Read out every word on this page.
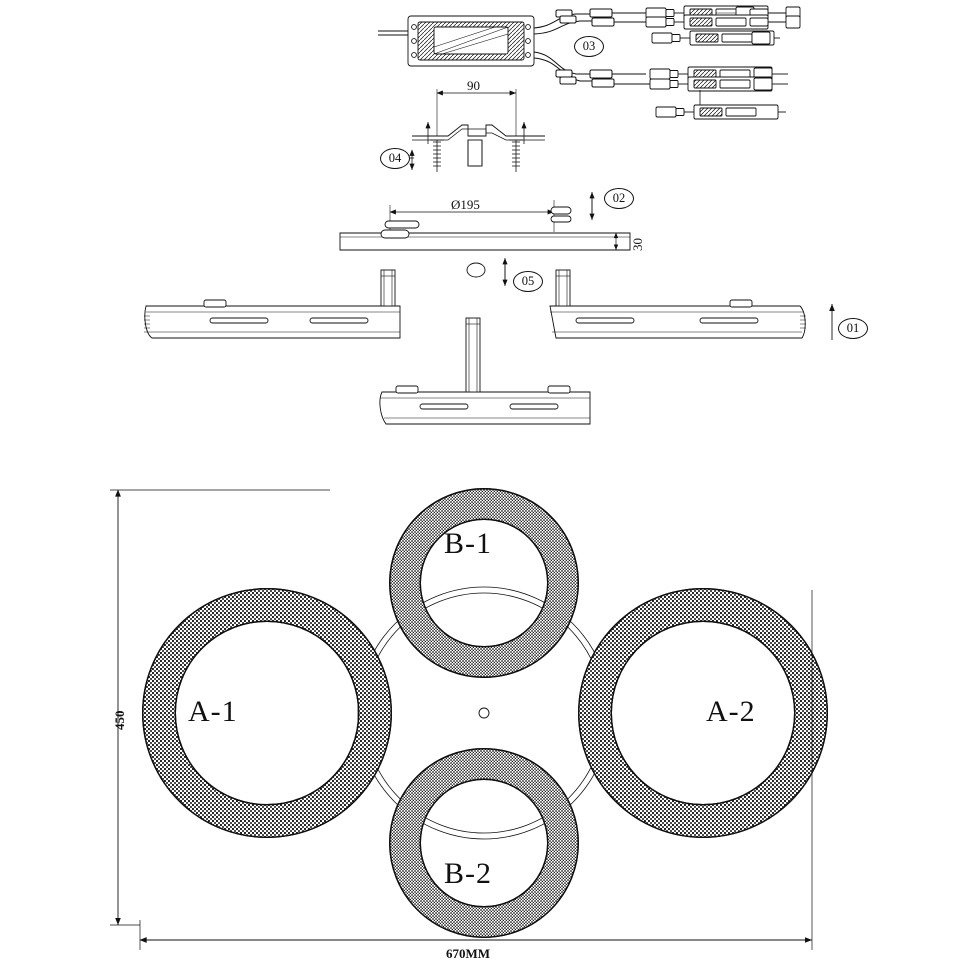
01
02
03
04
05
90
Ø195
30
A-1
B-1
A-2
B-2
450
670MM
